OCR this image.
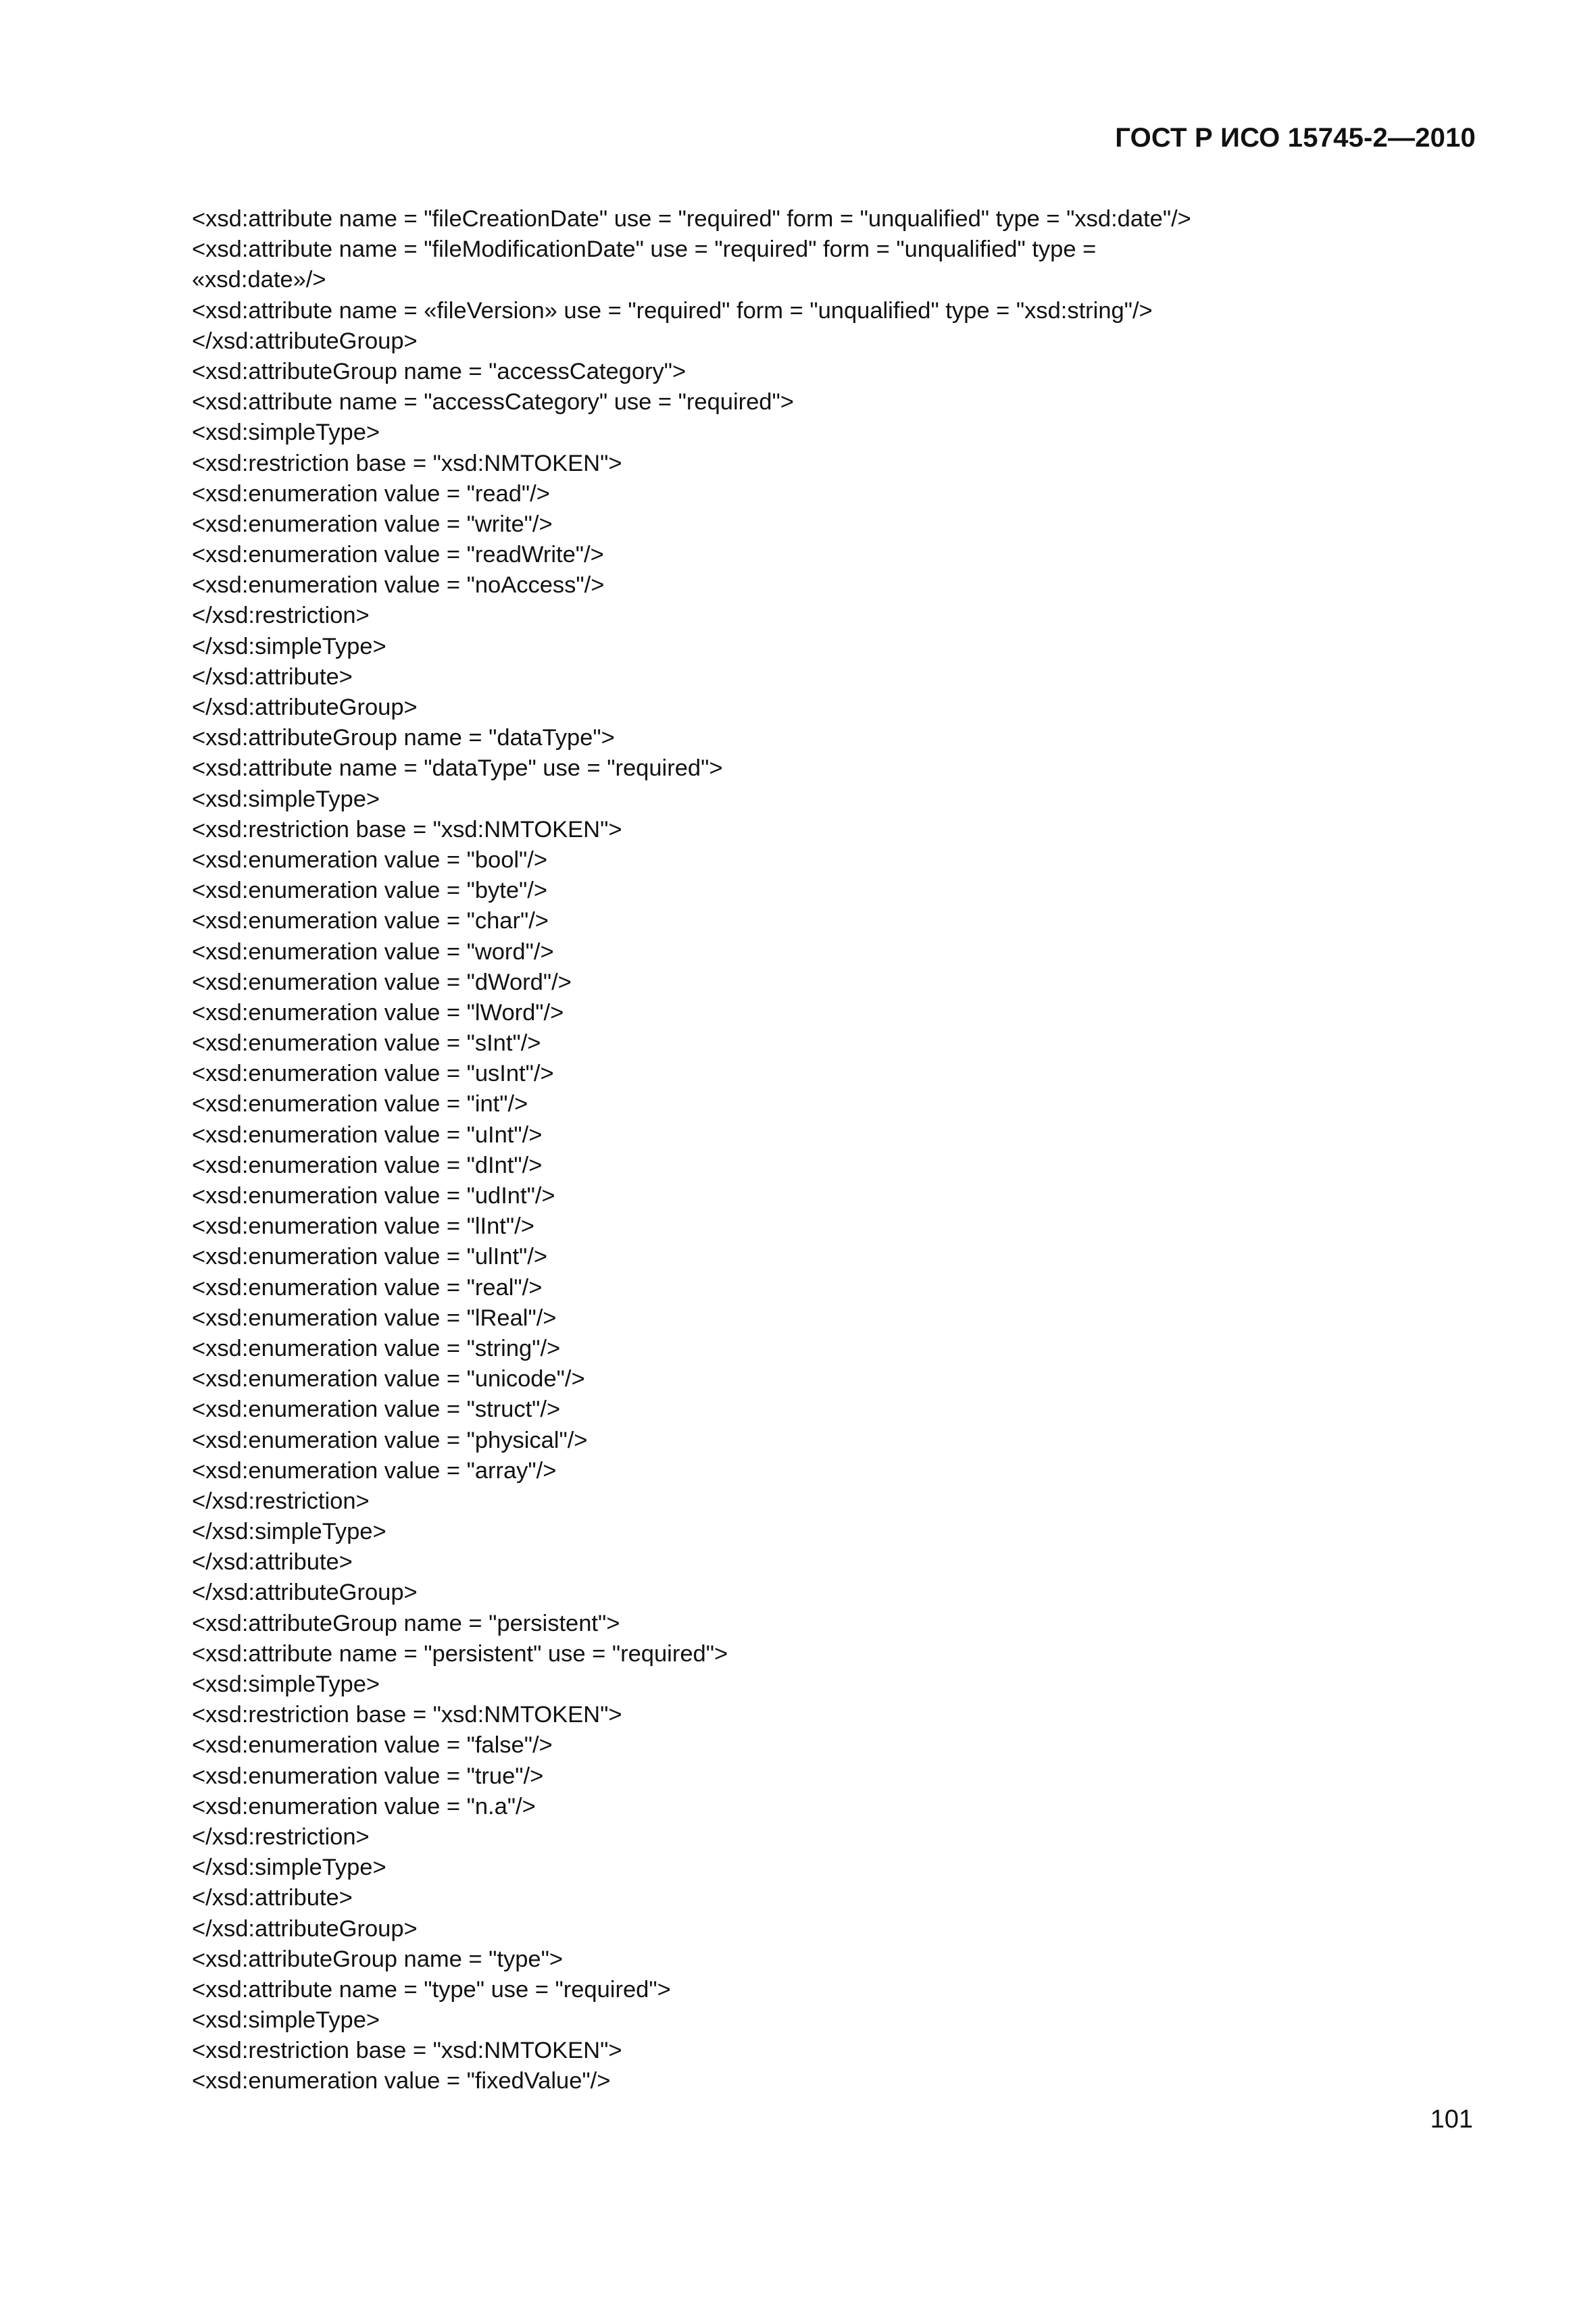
ГОСТ Р ИСО 15745-2—2010
<xsd:attribute name = "fileCreationDate" use = "required" form = "unqualified" type = "xsd:date"/>
<xsd:attribute name = "fileModificationDate" use = "required" form = "unqualified" type =
«xsd:date»/>
<xsd:attribute name = «fileVersion» use = "required" form = "unqualified" type = "xsd:string"/>
</xsd:attributeGroup>
<xsd:attributeGroup name = "accessCategory">
<xsd:attribute name = "accessCategory" use = "required">
<xsd:simpleType>
<xsd:restriction base = "xsd:NMTOKEN">
<xsd:enumeration value = "read"/>
<xsd:enumeration value = "write"/>
<xsd:enumeration value = "readWrite"/>
<xsd:enumeration value = "noAccess"/>
</xsd:restriction>
</xsd:simpleType>
</xsd:attribute>
</xsd:attributeGroup>
<xsd:attributeGroup name = "dataType">
<xsd:attribute name = "dataType" use = "required">
<xsd:simpleType>
<xsd:restriction base = "xsd:NMTOKEN">
<xsd:enumeration value = "bool"/>
<xsd:enumeration value = "byte"/>
<xsd:enumeration value = "char"/>
<xsd:enumeration value = "word"/>
<xsd:enumeration value = "dWord"/>
<xsd:enumeration value = "lWord"/>
<xsd:enumeration value = "sInt"/>
<xsd:enumeration value = "usInt"/>
<xsd:enumeration value = "int"/>
<xsd:enumeration value = "uInt"/>
<xsd:enumeration value = "dInt"/>
<xsd:enumeration value = "udInt"/>
<xsd:enumeration value = "lInt"/>
<xsd:enumeration value = "ulInt"/>
<xsd:enumeration value = "real"/>
<xsd:enumeration value = "lReal"/>
<xsd:enumeration value = "string"/>
<xsd:enumeration value = "unicode"/>
<xsd:enumeration value = "struct"/>
<xsd:enumeration value = "physical"/>
<xsd:enumeration value = "array"/>
</xsd:restriction>
</xsd:simpleType>
</xsd:attribute>
</xsd:attributeGroup>
<xsd:attributeGroup name = "persistent">
<xsd:attribute name = "persistent" use = "required">
<xsd:simpleType>
<xsd:restriction base = "xsd:NMTOKEN">
<xsd:enumeration value = "false"/>
<xsd:enumeration value = "true"/>
<xsd:enumeration value = "n.a"/>
</xsd:restriction>
</xsd:simpleType>
</xsd:attribute>
</xsd:attributeGroup>
<xsd:attributeGroup name = "type">
<xsd:attribute name = "type" use = "required">
<xsd:simpleType>
<xsd:restriction base = "xsd:NMTOKEN">
<xsd:enumeration value = "fixedValue"/>
101
